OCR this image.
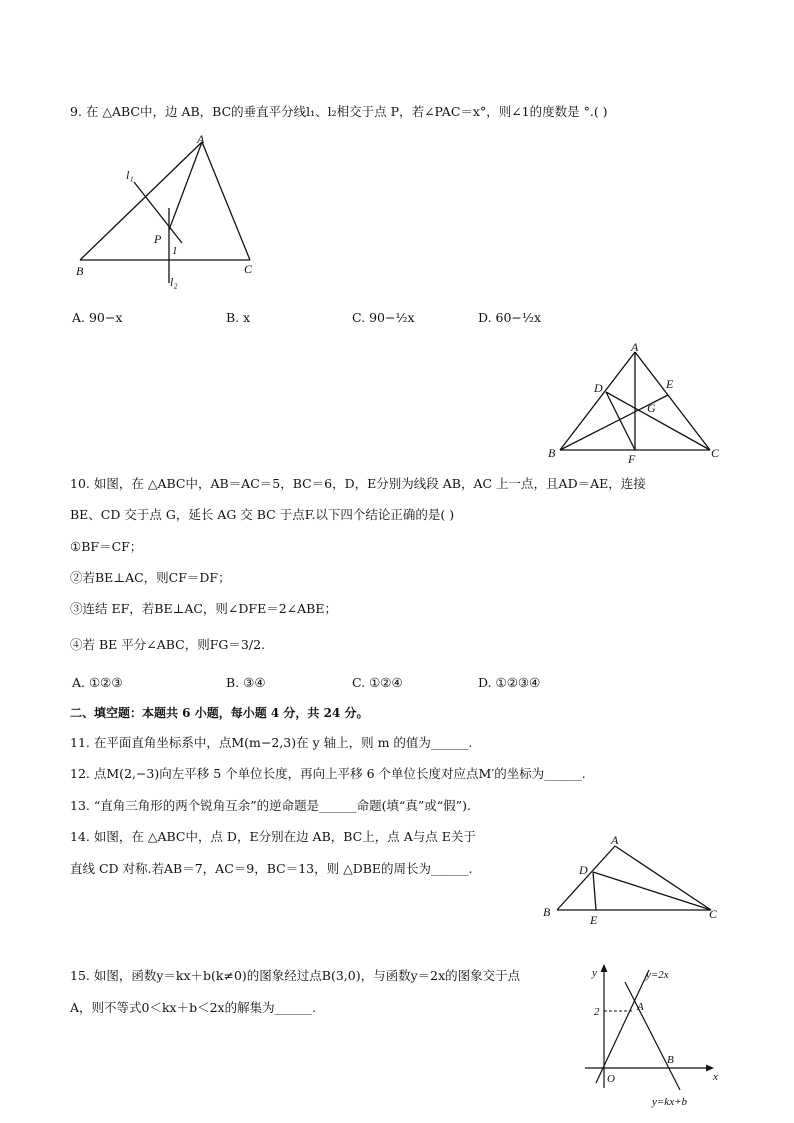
9. 在 △ABC中，边 AB，BC的垂直平分线l₁、l₂相交于点 P，若∠PAC＝x°，则∠1的度数是 °.( )
A
B	C
P
1
l₁
l₂
A. 90−x	B. x	C. 90−½x	D. 60−½x
A
B	C
D	E
F
G
10. 如图，在 △ABC中，AB＝AC＝5，BC＝6，D，E分别为线段 AB，AC 上一点，且AD＝AE，连接
BE、CD 交于点 G，延长 AG 交 BC 于点F.以下四个结论正确的是( )
①BF＝CF；
②若BE⊥AC，则CF＝DF；
③连结 EF，若BE⊥AC，则∠DFE＝2∠ABE；
④若 BE 平分∠ABC，则FG＝3/2.
A. ①②③	B. ③④	C. ①②④	D. ①②③④
二、填空题：本题共 6 小题，每小题 4 分，共 24 分。
11. 在平面直角坐标系中，点M(m−2,3)在 y 轴上，则 m 的值为______.
12. 点M(2,−3)向左平移 5 个单位长度，再向上平移 6 个单位长度对应点M′的坐标为______.
13. “直角三角形的两个锐角互余”的逆命题是______命题(填“真”或“假”).
14. 如图，在 △ABC中，点 D，E分别在边 AB，BC上，点 A与点 E关于
直线 CD 对称.若AB＝7，AC＝9，BC＝13，则 △DBE的周长为______.
A
B	C
D
E
15. 如图，函数y＝kx＋b(k≠0)的图象经过点B(3,0)，与函数y＝2x的图象交于点
A，则不等式0＜kx＋b＜2x的解集为______.
y
x
O
2	A
B
y=2x
y=kx+b
